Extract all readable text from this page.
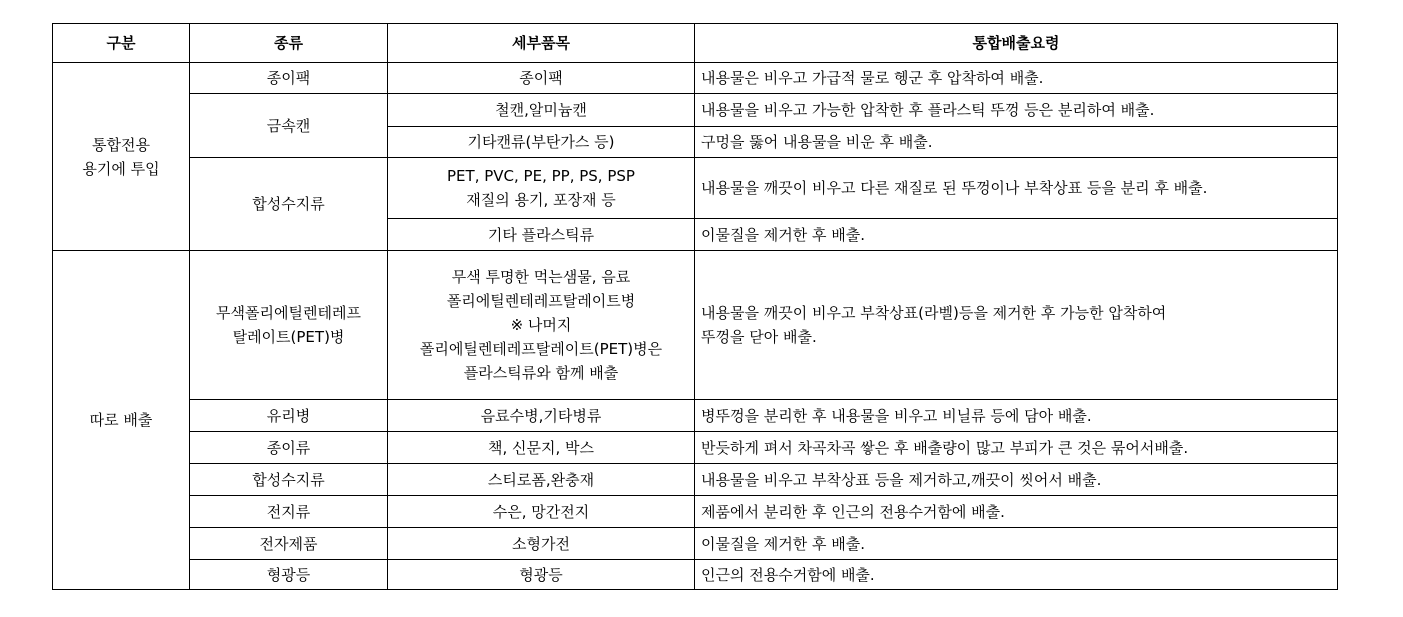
구분	종류	세부품목	통합배출요령

통합전용
용기에 투입	종이팩	종이팩	내용물은 비우고 가급적 물로 헹군 후 압착하여 배출.
	금속캔	철캔,알미늄캔	내용물을 비우고 가능한 압착한 후 플라스틱 뚜껑 등은 분리하여 배출.
		기타캔류(부탄가스 등)	구멍을 뚫어 내용물을 비운 후 배출.
	합성수지류	PET, PVC, PE, PP, PS, PSP
재질의 용기, 포장재 등	내용물을 깨끗이 비우고 다른 재질로 된 뚜껑이나 부착상표 등을 분리 후 배출.
		기타 플라스틱류	이물질을 제거한 후 배출.
따로 배출	무색폴리에틸렌테레프
탈레이트(PET)병	무색 투명한 먹는샘물, 음료
폴리에틸렌테레프탈레이트병
※ 나머지
폴리에틸렌테레프탈레이트(PET)병은
플라스틱류와 함께 배출	내용물을 깨끗이 비우고 부착상표(라벨)등을 제거한 후 가능한 압착하여
뚜껑을 닫아 배출.

	유리병	음료수병,기타병류	병뚜껑을 분리한 후 내용물을 비우고 비닐류 등에 담아 배출.
	종이류	책, 신문지, 박스	반듯하게 펴서 차곡차곡 쌓은 후 배출량이 많고 부피가 큰 것은 묶어서배출.
	합성수지류	스티로폼,완충재	내용물을 비우고 부착상표 등을 제거하고,깨끗이 씻어서 배출.
	전지류	수은, 망간전지	제품에서 분리한 후 인근의 전용수거함에 배출.
	전자제품	소형가전	이물질을 제거한 후 배출.
	형광등	형광등	인근의 전용수거함에 배출.
